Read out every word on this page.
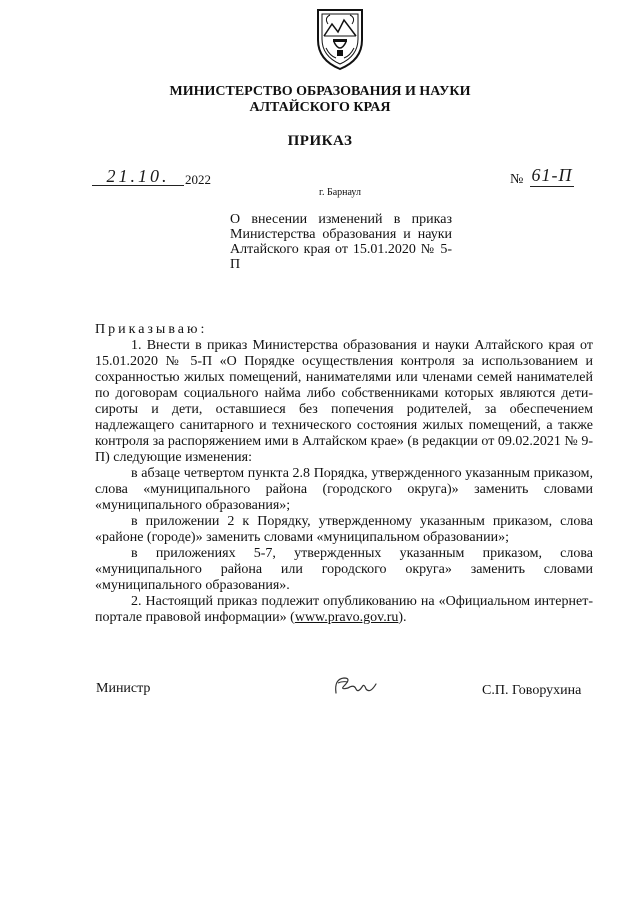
МИНИСТЕРСТВО ОБРАЗОВАНИЯ И НАУКИ
АЛТАЙСКОГО КРАЯ
ПРИКАЗ
21.10.	2022	№ 61-П
г. Барнаул
О внесении изменений в приказ Министерства образования и науки Алтайского края от 15.01.2020 № 5-П
Приказываю:

1. Внести в приказ Министерства образования и науки Алтайского края от 15.01.2020 № 5-П «О Порядке осуществления контроля за использованием и сохранностью жилых помещений, нанимателями или членами семей нанимателей по договорам социального найма либо собственниками которых являются дети-сироты и дети, оставшиеся без попечения родителей, за обеспечением надлежащего санитарного и технического состояния жилых помещений, а также контроля за распоряжением ими в Алтайском крае» (в редакции от 09.02.2021 № 9-П) следующие изменения:

в абзаце четвертом пункта 2.8 Порядка, утвержденного указанным приказом, слова «муниципального района (городского округа)» заменить словами «муниципального образования»;

в приложении 2 к Порядку, утвержденному указанным приказом, слова «районе (городе)» заменить словами «муниципальном образовании»;

в приложениях 5-7, утвержденных указанным приказом, слова «муниципального района или городского округа» заменить словами «муниципального образования».

2. Настоящий приказ подлежит опубликованию на «Официальном интернет-портале правовой информации» (www.pravo.gov.ru).

Министр	С.П. Говорухина
